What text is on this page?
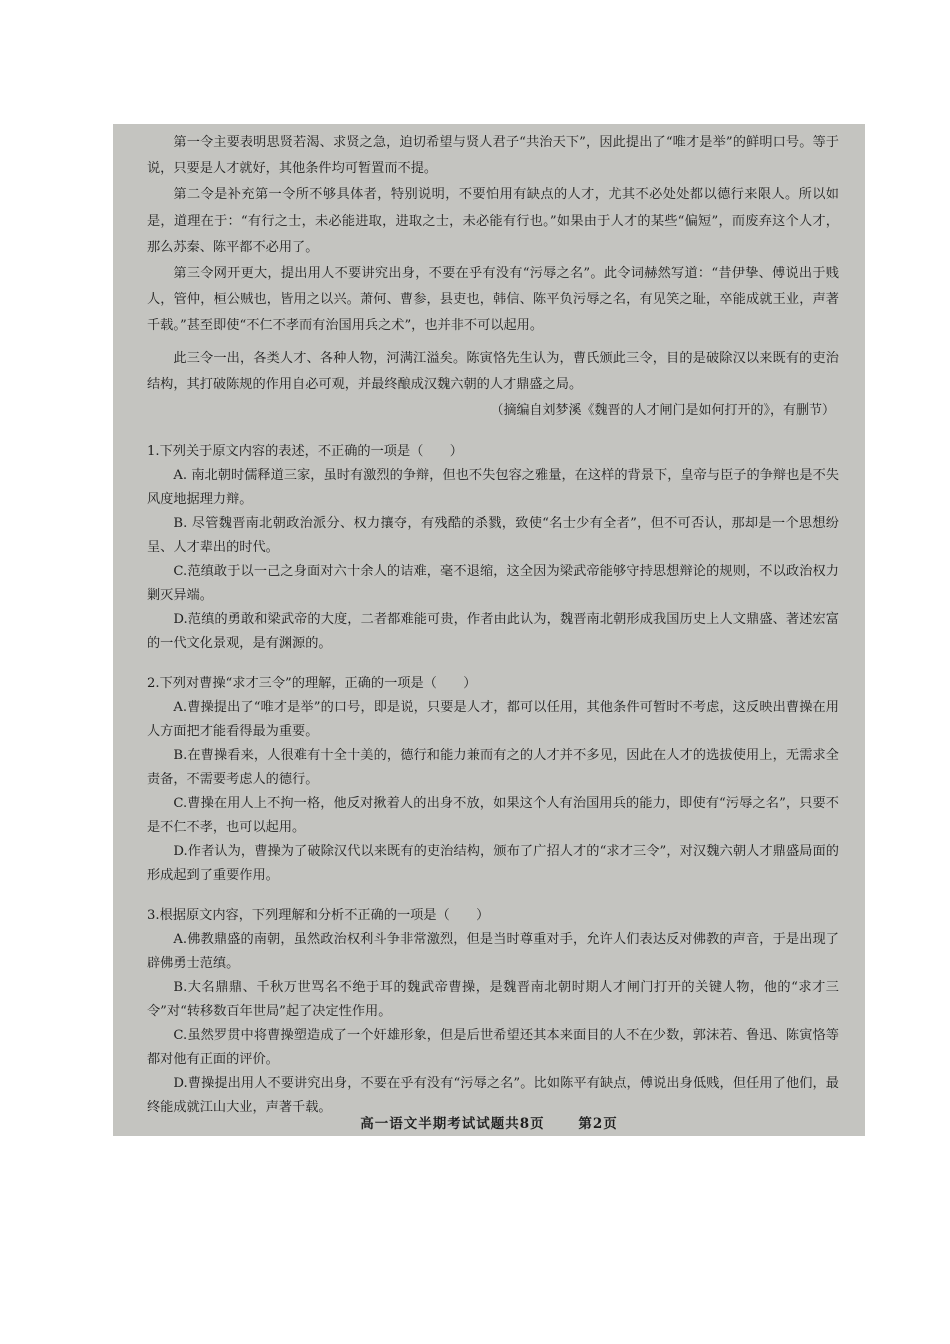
第一令主要表明思贤若渴、求贤之急，迫切希望与贤人君子“共治天下”，因此提出了“唯才是举”的鲜明口号。等于说，只要是人才就好，其他条件均可暂置而不提。

第二令是补充第一令所不够具体者，特别说明，不要怕用有缺点的人才，尤其不必处处都以德行来限人。所以如是，道理在于：“有行之士，未必能进取，进取之士，未必能有行也。”如果由于人才的某些“偏短”，而废弃这个人才，那么苏秦、陈平都不必用了。

第三令网开更大，提出用人不要讲究出身，不要在乎有没有“污辱之名”。此令词赫然写道：“昔伊挚、傅说出于贱人，管仲，桓公贼也，皆用之以兴。萧何、曹参，县吏也，韩信、陈平负污辱之名，有见笑之耻，卒能成就王业，声著千载。”甚至即使“不仁不孝而有治国用兵之术”，也并非不可以起用。

此三令一出，各类人才、各种人物，河满江溢矣。陈寅恪先生认为，曹氏颁此三令，目的是破除汉以来既有的吏治结构，其打破陈规的作用自必可观，并最终酿成汉魏六朝的人才鼎盛之局。

（摘编自刘梦溪《魏晋的人才闸门是如何打开的》，有删节）

1.下列关于原文内容的表述，不正确的一项是（　　）

A. 南北朝时儒释道三家，虽时有激烈的争辩，但也不失包容之雅量，在这样的背景下，皇帝与臣子的争辩也是不失风度地据理力辩。

B. 尽管魏晋南北朝政治派分、权力攘夺，有残酷的杀戮，致使“名士少有全者”，但不可否认，那却是一个思想纷呈、人才辈出的时代。

C.范缜敢于以一己之身面对六十余人的诘难，毫不退缩，这全因为梁武帝能够守持思想辩论的规则，不以政治权力剿灭异端。

D.范缜的勇敢和梁武帝的大度，二者都难能可贵，作者由此认为，魏晋南北朝形成我国历史上人文鼎盛、著述宏富的一代文化景观，是有渊源的。

2.下列对曹操“求才三令”的理解，正确的一项是（　　）

A.曹操提出了“唯才是举”的口号，即是说，只要是人才，都可以任用，其他条件可暂时不考虑，这反映出曹操在用人方面把才能看得最为重要。

B.在曹操看来，人很难有十全十美的，德行和能力兼而有之的人才并不多见，因此在人才的选拔使用上，无需求全责备，不需要考虑人的德行。

C.曹操在用人上不拘一格，他反对揪着人的出身不放，如果这个人有治国用兵的能力，即使有“污辱之名”，只要不是不仁不孝，也可以起用。

D.作者认为，曹操为了破除汉代以来既有的吏治结构，颁布了广招人才的“求才三令”，对汉魏六朝人才鼎盛局面的形成起到了重要作用。

3.根据原文内容，下列理解和分析不正确的一项是（　　）

A.佛教鼎盛的南朝，虽然政治权利斗争非常激烈，但是当时尊重对手，允许人们表达反对佛教的声音，于是出现了辟佛勇士范缜。

B.大名鼎鼎、千秋万世骂名不绝于耳的魏武帝曹操，是魏晋南北朝时期人才闸门打开的关键人物，他的“求才三令”对“转移数百年世局”起了决定性作用。

C.虽然罗贯中将曹操塑造成了一个奸雄形象，但是后世希望还其本来面目的人不在少数，郭沫若、鲁迅、陈寅恪等都对他有正面的评价。

D.曹操提出用人不要讲究出身，不要在乎有没有“污辱之名”。比如陈平有缺点，傅说出身低贱，但任用了他们，最终能成就江山大业，声著千载。

高一语文半期考试试题共8页 第2页
